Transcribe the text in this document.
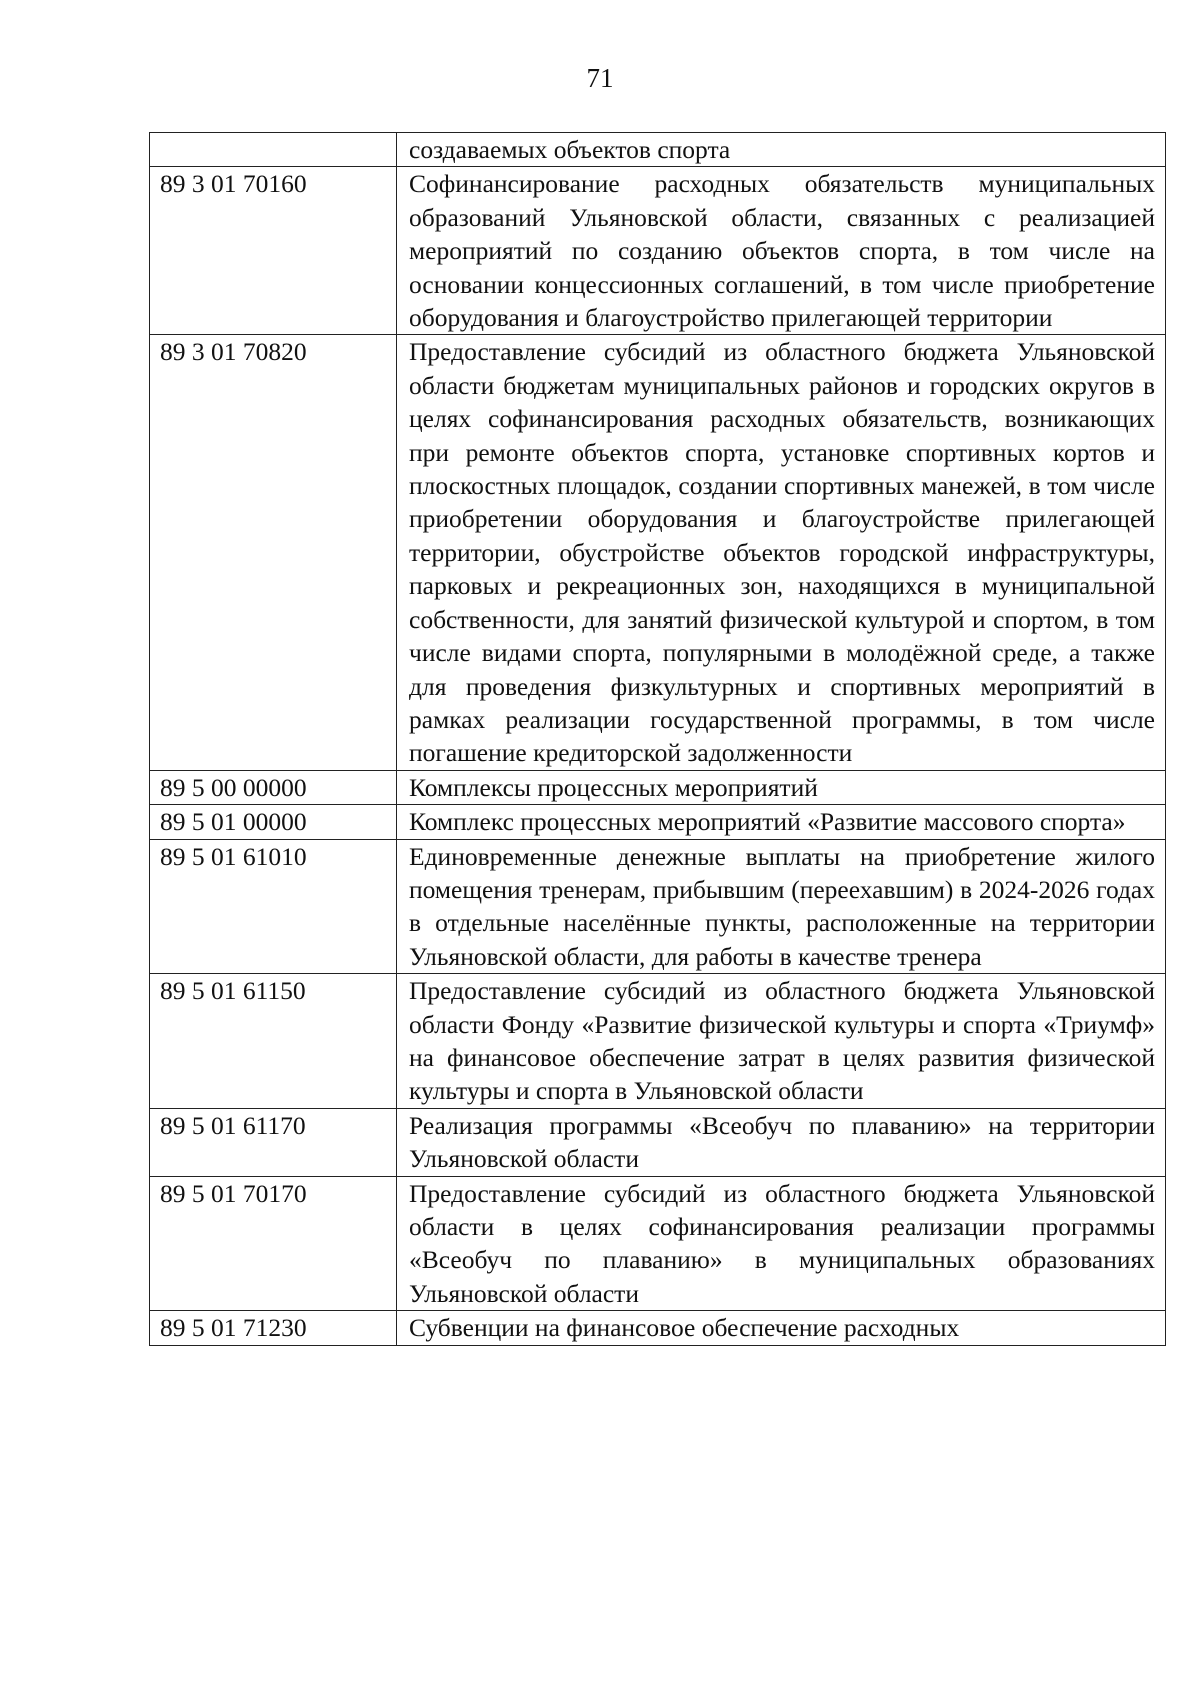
71
	создаваемых объектов спорта
89 3 01 70160	Софинансирование расходных обязательств муниципальных образований Ульяновской области, связанных с реализацией мероприятий по созданию объектов спорта, в том числе на основании концессионных соглашений, в том числе приобретение оборудования и благоустройство прилегающей территории
89 3 01 70820	Предоставление субсидий из областного бюджета Ульяновской области бюджетам муниципальных районов и городских округов в целях софинансирования расходных обязательств, возникающих при ремонте объектов спорта, установке спортивных кортов и плоскостных площадок, создании спортивных манежей, в том числе приобретении оборудования и благоустройстве прилегающей территории, обустройстве объектов городской инфраструктуры, парковых и рекреационных зон, находящихся в муниципальной собственности, для занятий физической культурой и спортом, в том числе видами спорта, популярными в молодёжной среде, а также для проведения физкультурных и спортивных мероприятий в рамках реализации государственной программы, в том числе погашение кредиторской задолженности
89 5 00 00000	Комплексы процессных мероприятий
89 5 01 00000	Комплекс процессных мероприятий «Развитие массового спорта»
89 5 01 61010	Единовременные денежные выплаты на приобретение жилого помещения тренерам, прибывшим (переехавшим) в 2024-2026 годах в отдельные населённые пункты, расположенные на территории Ульяновской области, для работы в качестве тренера
89 5 01 61150	Предоставление субсидий из областного бюджета Ульяновской области Фонду «Развитие физической культуры и спорта «Триумф» на финансовое обеспечение затрат в целях развития физической культуры и спорта в Ульяновской области
89 5 01 61170	Реализация программы «Всеобуч по плаванию» на территории Ульяновской области
89 5 01 70170	Предоставление субсидий из областного бюджета Ульяновской области в целях софинансирования реализации программы «Всеобуч по плаванию» в муниципальных образованиях Ульяновской области
89 5 01 71230	Субвенции на финансовое обеспечение расходных
